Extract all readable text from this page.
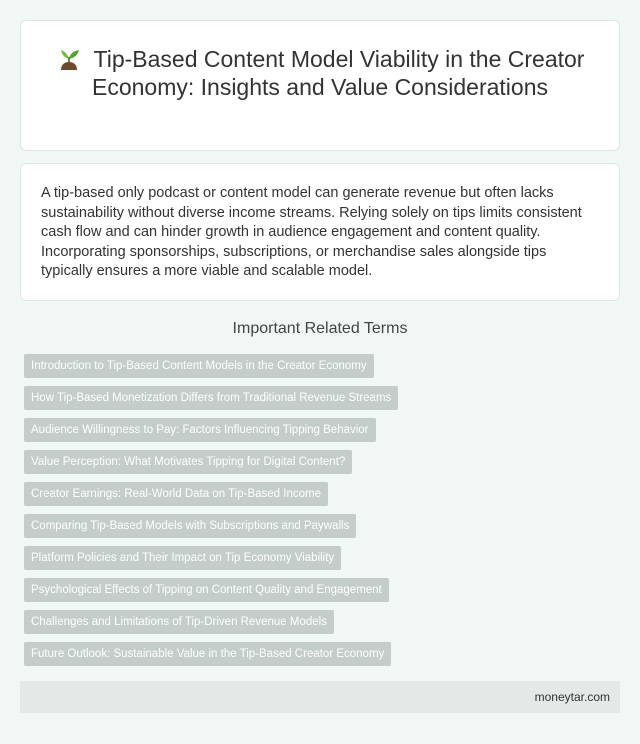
Tip-Based Content Model Viability in the Creator Economy: Insights and Value Considerations

A tip-based only podcast or content model can generate revenue but often lacks sustainability without diverse income streams. Relying solely on tips limits consistent cash flow and can hinder growth in audience engagement and content quality. Incorporating sponsorships, subscriptions, or merchandise sales alongside tips typically ensures a more viable and scalable model.

Important Related Terms
Introduction to Tip-Based Content Models in the Creator Economy
How Tip-Based Monetization Differs from Traditional Revenue Streams
Audience Willingness to Pay: Factors Influencing Tipping Behavior
Value Perception: What Motivates Tipping for Digital Content?
Creator Earnings: Real-World Data on Tip-Based Income
Comparing Tip-Based Models with Subscriptions and Paywalls
Platform Policies and Their Impact on Tip Economy Viability
Psychological Effects of Tipping on Content Quality and Engagement
Challenges and Limitations of Tip-Driven Revenue Models
Future Outlook: Sustainable Value in the Tip-Based Creator Economy
moneytar.com
